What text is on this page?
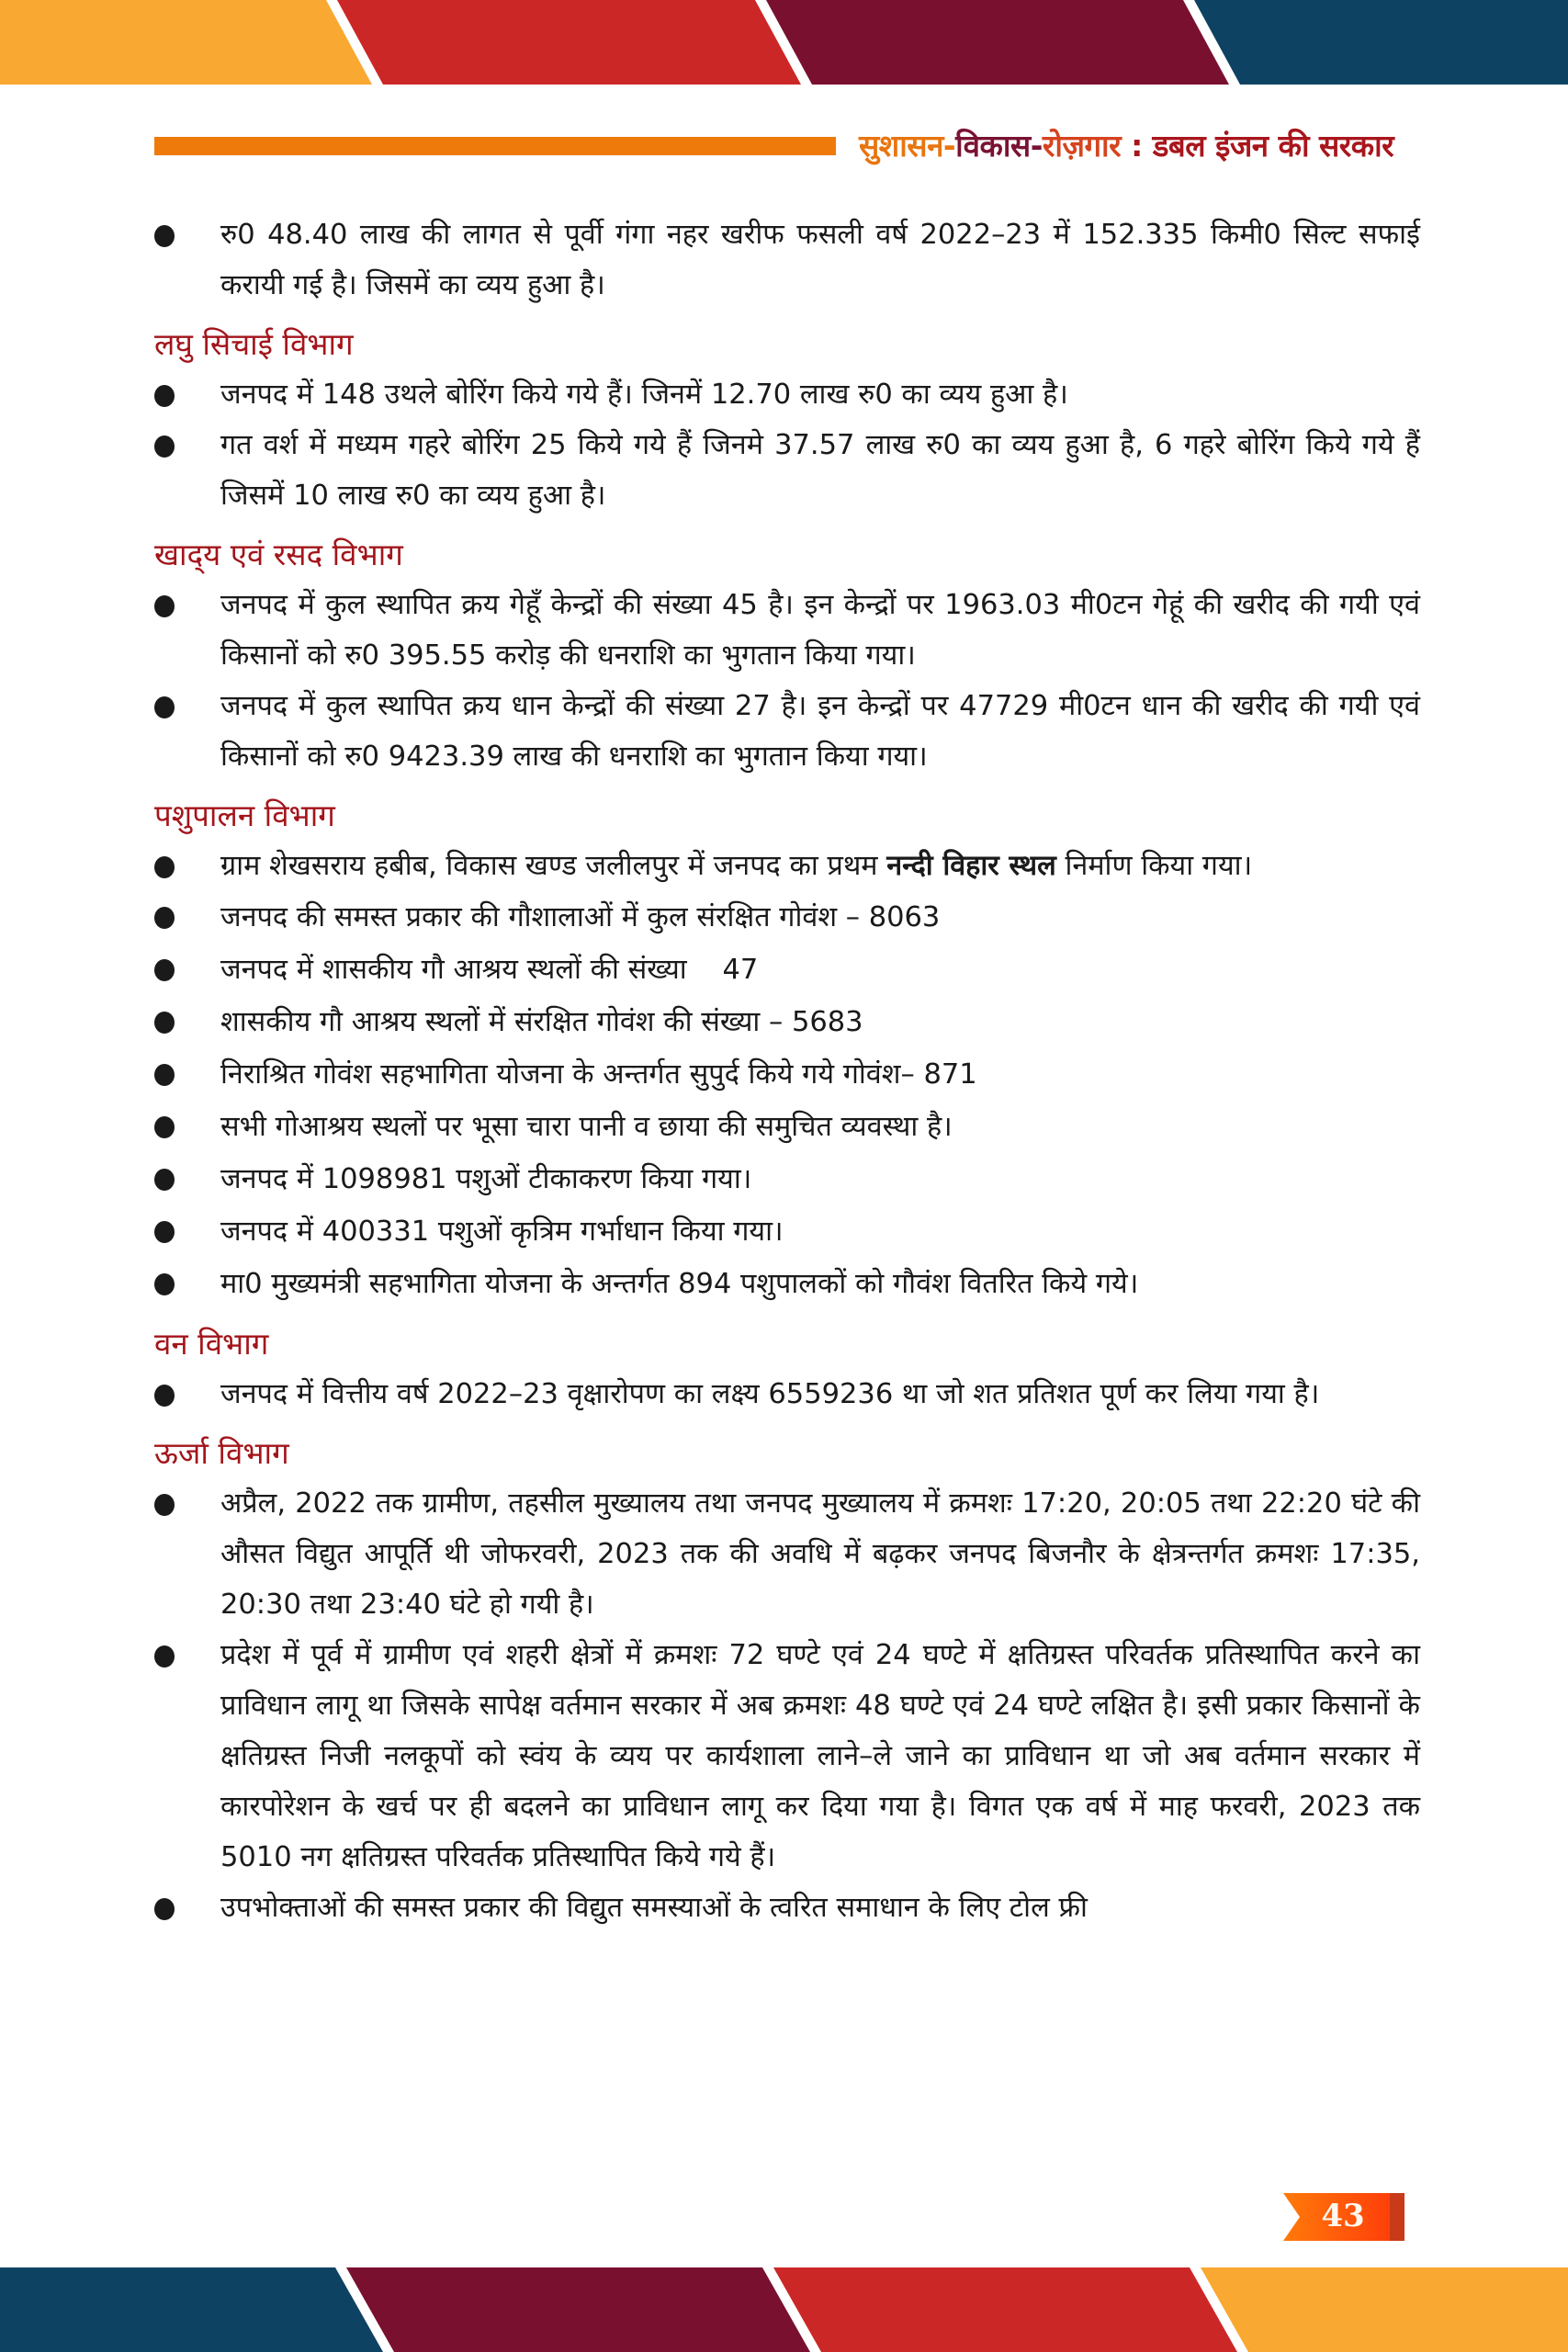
सुशासन-विकास-रोज़गार : डबल इंजन की सरकार
रु0 48.40 लाख की लागत से पूर्वी गंगा नहर खरीफ फसली वर्ष 2022–23 में 152.335 किमी0 सिल्ट सफाई करायी गई है। जिसमें का व्यय हुआ है।
लघु सिचाई विभाग
जनपद में 148 उथले बोरिंग किये गये हैं। जिनमें 12.70 लाख रु0 का व्यय हुआ है।
गत वर्श में मध्यम गहरे बोरिंग 25 किये गये हैं जिनमे 37.57 लाख रु0 का व्यय हुआ है, 6 गहरे बोरिंग किये गये हैं जिसमें 10 लाख रु0 का व्यय हुआ है।
खाद्‌य एवं रसद विभाग
जनपद में कुल स्थापित क्रय गेहूँ केन्द्रों की संख्या 45 है। इन केन्द्रों पर 1963.03 मी0टन गेहूं की खरीद की गयी एवं किसानों को रु0 395.55 करोड़ की धनराशि का भुगतान किया गया।
जनपद में कुल स्थापित क्रय धान केन्द्रों की संख्या 27 है। इन केन्द्रों पर 47729 मी0टन धान की खरीद की गयी एवं किसानों को रु0 9423.39 लाख की धनराशि का भुगतान किया गया।
पशुपालन विभाग
ग्राम शेखसराय हबीब, विकास खण्ड जलीलपुर में जनपद का प्रथम नन्दी विहार स्थल निर्माण किया गया।
जनपद की समस्त प्रकार की गौशालाओं में कुल संरक्षित गोवंश – 8063
जनपद में शासकीय गौ आश्रय स्थलों की संख्या    47
शासकीय गौ आश्रय स्थलों में संरक्षित गोवंश की संख्या – 5683
निराश्रित गोवंश सहभागिता योजना के अन्तर्गत सुपुर्द किये गये गोवंश– 871
सभी गोआश्रय स्थलों पर भूसा चारा पानी व छाया की समुचित व्यवस्था है।
जनपद में 1098981 पशुओं टीकाकरण किया गया।
जनपद में 400331 पशुओं कृत्रिम गर्भाधान किया गया।
मा0 मुख्यमंत्री सहभागिता योजना के अन्तर्गत 894 पशुपालकों को गौवंश वितरित किये गये।
वन विभाग
जनपद में वित्तीय वर्ष 2022–23 वृक्षारोपण का लक्ष्य 6559236 था जो शत प्रतिशत पूर्ण कर लिया गया है।
ऊर्जा विभाग
अप्रैल, 2022 तक ग्रामीण, तहसील मुख्यालय तथा जनपद मुख्यालय में क्रमशः 17:20, 20:05 तथा 22:20 घंटे की औसत विद्युत आपूर्ति थी जोफरवरी, 2023 तक की अवधि में बढ़कर जनपद बिजनौर के क्षेत्रन्तर्गत क्रमशः 17:35, 20:30 तथा 23:40 घंटे हो गयी है।
प्रदेश में पूर्व में ग्रामीण एवं शहरी क्षेत्रों में क्रमशः 72 घण्टे एवं 24 घण्टे में क्षतिग्रस्त परिवर्तक प्रतिस्थापित करने का प्राविधान लागू था जिसके सापेक्ष वर्तमान सरकार में अब क्रमशः 48 घण्टे एवं 24 घण्टे लक्षित है। इसी प्रकार किसानों के क्षतिग्रस्त निजी नलकूपों को स्वंय के व्यय पर कार्यशाला लाने–ले जाने का प्राविधान था जो अब वर्तमान सरकार में कारपोरेशन के खर्च पर ही बदलने का प्राविधान लागू कर दिया गया है। विगत एक वर्ष में माह फरवरी, 2023 तक 5010 नग क्षतिग्रस्त परिवर्तक प्रतिस्थापित किये गये हैं।
उपभोक्ताओं की समस्त प्रकार की विद्युत समस्याओं के त्वरित समाधान के लिए टोल फ्री
43
